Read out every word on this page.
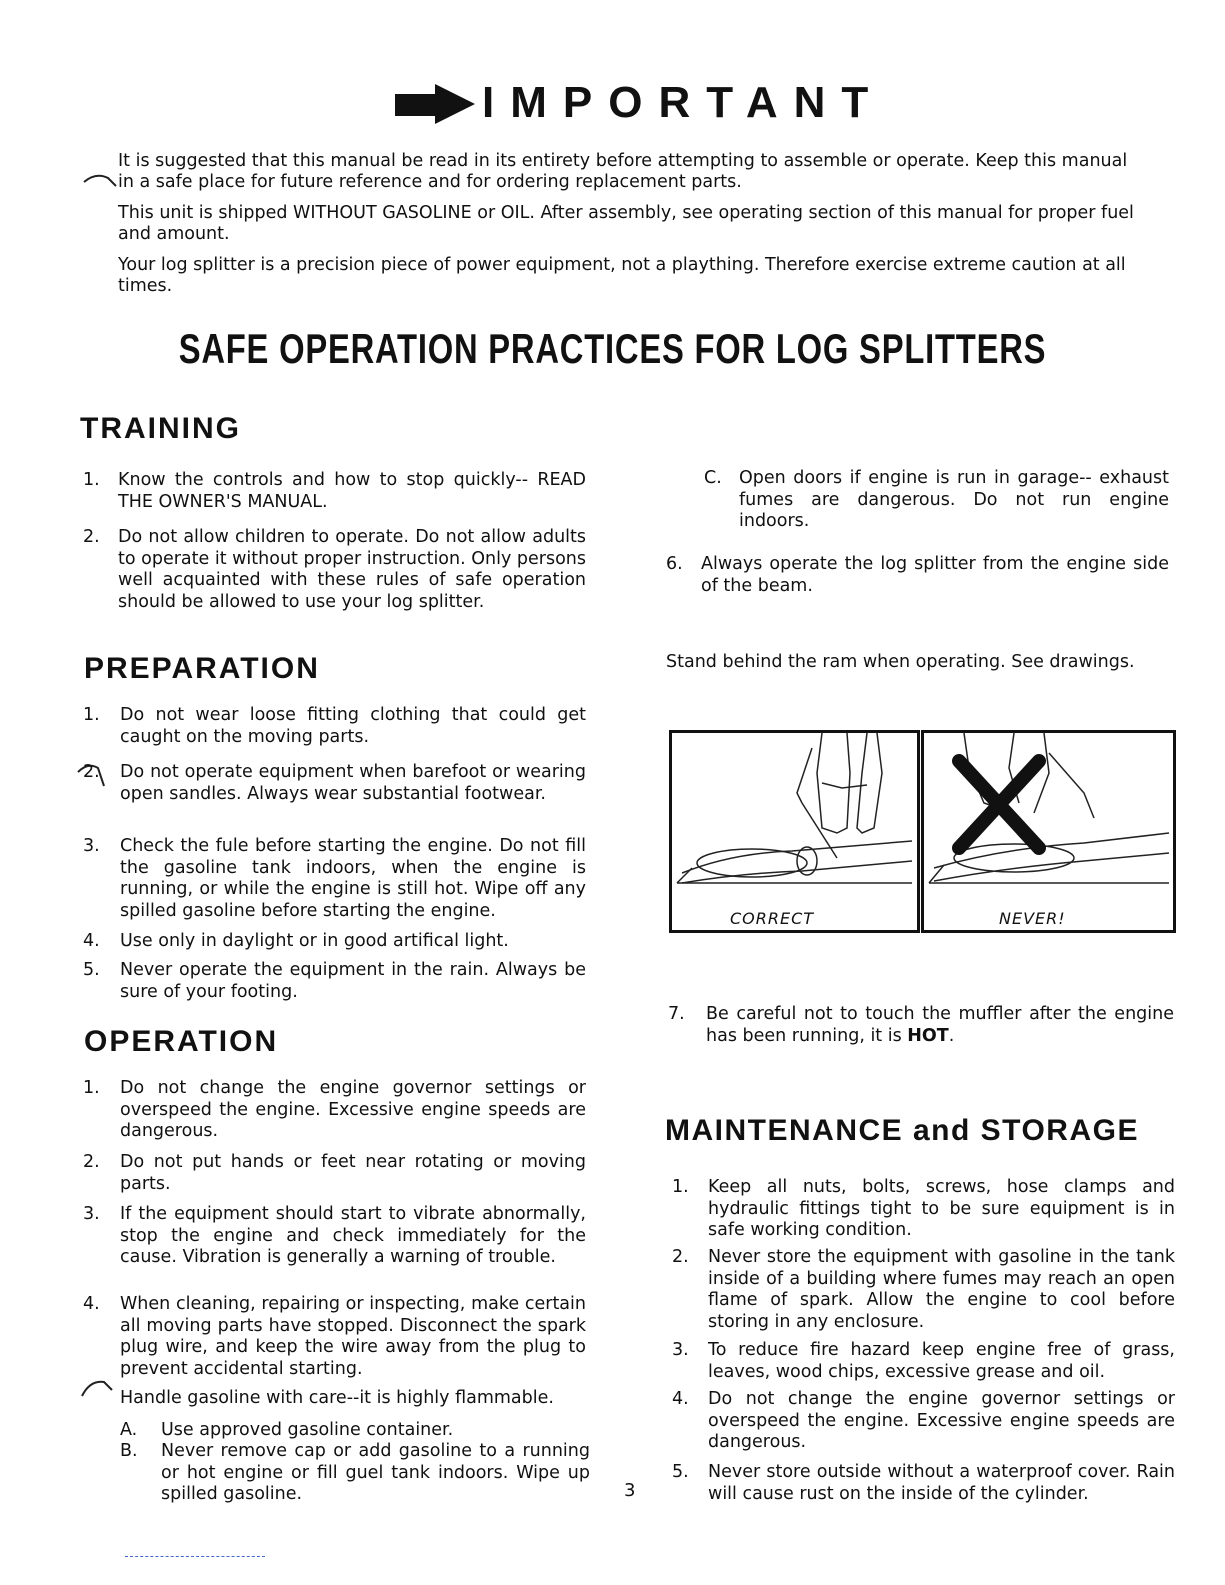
IMPORTANT
It is suggested that this manual be read in its entirety before attempting to assemble or operate. Keep this manual in a safe place for future reference and for ordering replacement parts.
This unit is shipped WITHOUT GASOLINE or OIL. After assembly, see operating section of this manual for proper fuel and amount.
Your log splitter is a precision piece of power equipment, not a plaything. Therefore exercise extreme caution at all times.
SAFE OPERATION PRACTICES FOR LOG SPLITTERS
TRAINING
1. Know the controls and how to stop quickly-- READ THE OWNER'S MANUAL.
2. Do not allow children to operate. Do not allow adults to operate it without proper instruction. Only persons well acquainted with these rules of safe operation should be allowed to use your log splitter.
PREPARATION
1. Do not wear loose fitting clothing that could get caught on the moving parts.
2. Do not operate equipment when barefoot or wearing open sandles. Always wear substantial footwear.
3. Check the fule before starting the engine. Do not fill the gasoline tank indoors, when the engine is running, or while the engine is still hot. Wipe off any spilled gasoline before starting the engine.
4. Use only in daylight or in good artifical light.
5. Never operate the equipment in the rain. Always be sure of your footing.
OPERATION
1. Do not change the engine governor settings or overspeed the engine. Excessive engine speeds are dangerous.
2. Do not put hands or feet near rotating or moving parts.
3. If the equipment should start to vibrate abnormally, stop the engine and check immediately for the cause. Vibration is generally a warning of trouble.
4. When cleaning, repairing or inspecting, make certain all moving parts have stopped. Disconnect the spark plug wire, and keep the wire away from the plug to prevent accidental starting.
Handle gasoline with care--it is highly flammable.
A. Use approved gasoline container.
B. Never remove cap or add gasoline to a running or hot engine or fill guel tank indoors. Wipe up spilled gasoline.
C. Open doors if engine is run in garage-- exhaust fumes are dangerous. Do not run engine indoors.
6. Always operate the log splitter from the engine side of the beam.
Stand behind the ram when operating. See drawings.
CORRECT	NEVER!
7. Be careful not to touch the muffler after the engine has been running, it is HOT.
MAINTENANCE and STORAGE
1. Keep all nuts, bolts, screws, hose clamps and hydraulic fittings tight to be sure equipment is in safe working condition.
2. Never store the equipment with gasoline in the tank inside of a building where fumes may reach an open flame of spark. Allow the engine to cool before storing in any enclosure.
3. To reduce fire hazard keep engine free of grass, leaves, wood chips, excessive grease and oil.
4. Do not change the engine governor settings or overspeed the engine. Excessive engine speeds are dangerous.
5. Never store outside without a waterproof cover. Rain will cause rust on the inside of the cylinder.
3
